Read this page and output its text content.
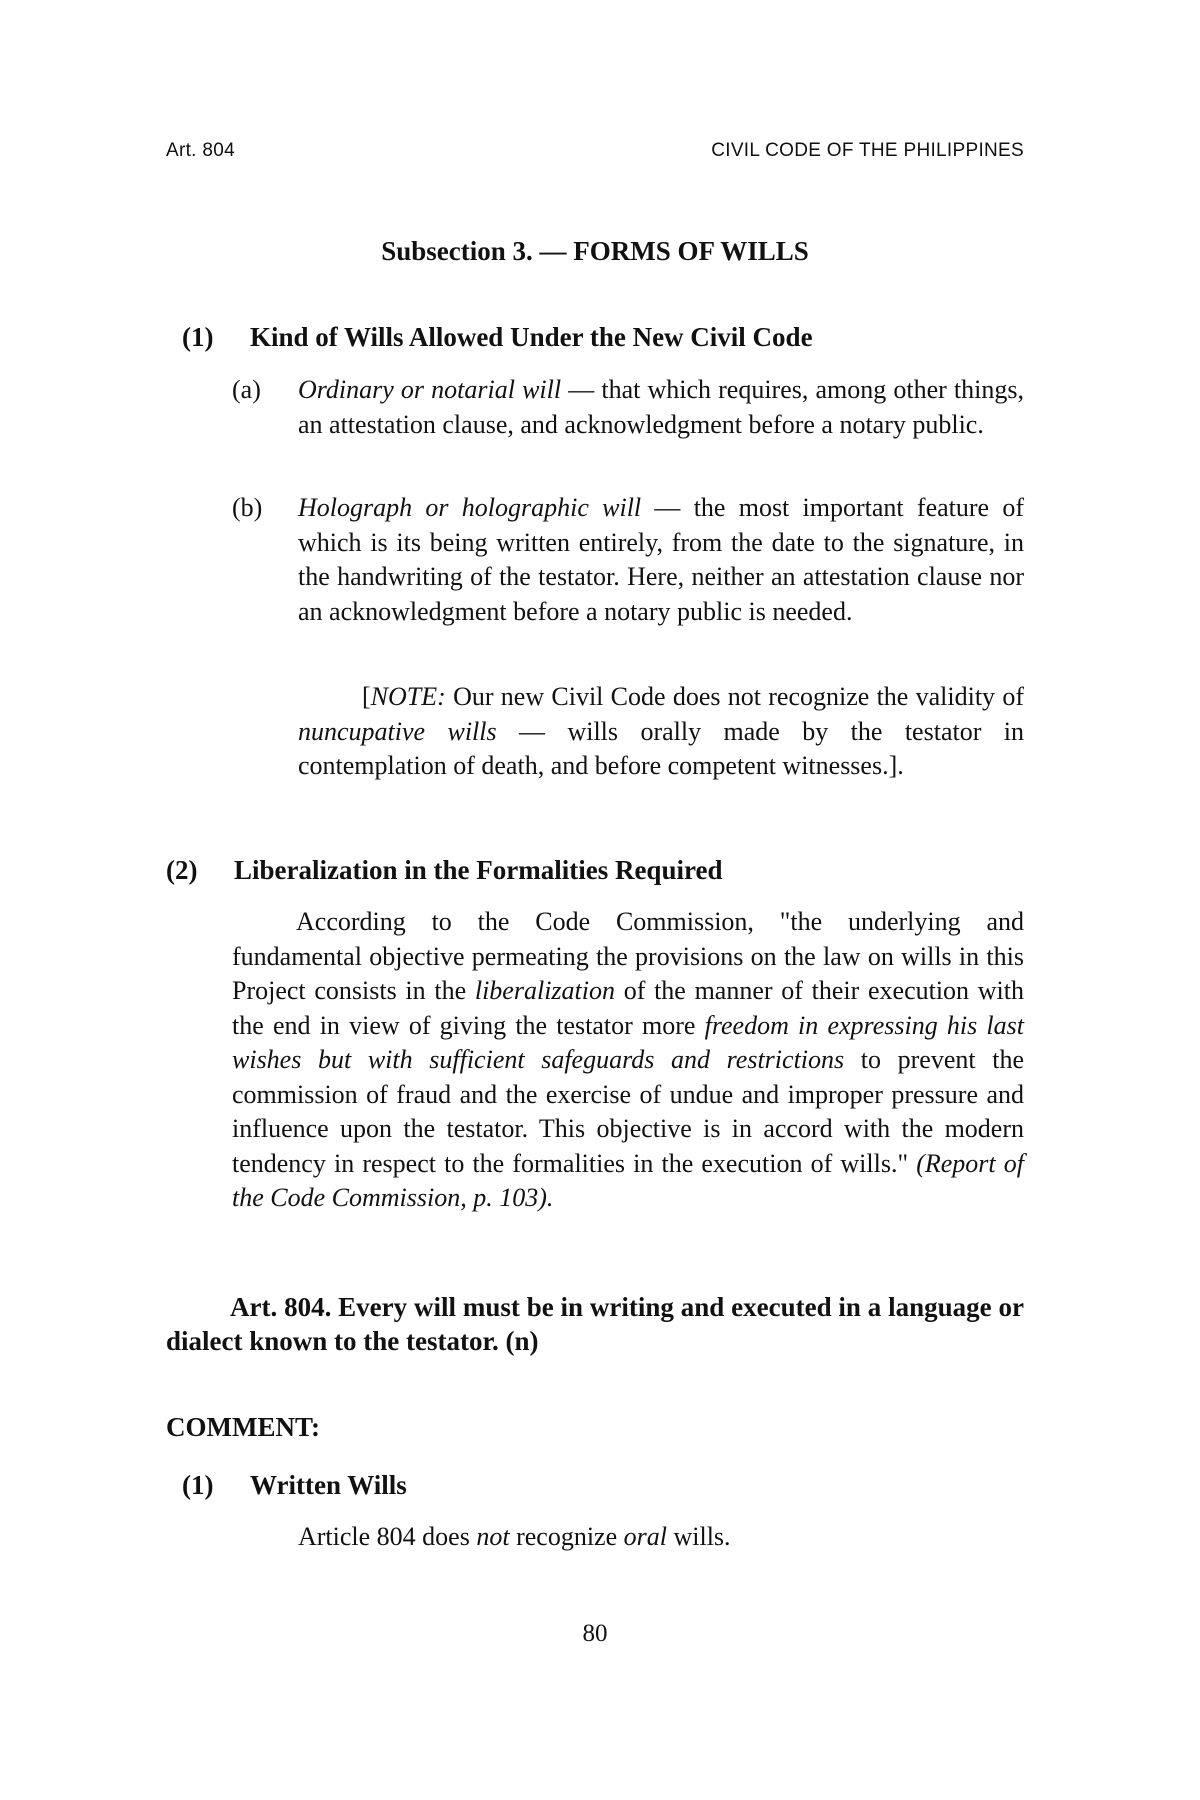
Art. 804	CIVIL CODE OF THE PHILIPPINES
Subsection 3. — FORMS OF WILLS
(1) Kind of Wills Allowed Under the New Civil Code
(a) Ordinary or notarial will — that which requires, among other things, an attestation clause, and acknowledgment before a notary public.
(b) Holograph or holographic will — the most important feature of which is its being written entirely, from the date to the signature, in the handwriting of the testator. Here, neither an attestation clause nor an acknowledgment before a notary public is needed.
[NOTE: Our new Civil Code does not recognize the validity of nuncupative wills — wills orally made by the testator in contemplation of death, and before competent witnesses.].
(2) Liberalization in the Formalities Required
According to the Code Commission, "the underlying and fundamental objective permeating the provisions on the law on wills in this Project consists in the liberalization of the manner of their execution with the end in view of giving the testator more freedom in expressing his last wishes but with sufficient safeguards and restrictions to prevent the commission of fraud and the exercise of undue and improper pressure and influence upon the testator. This objective is in accord with the modern tendency in respect to the formalities in the execution of wills." (Report of the Code Commission, p. 103).
Art. 804. Every will must be in writing and executed in a language or dialect known to the testator. (n)
COMMENT:
(1) Written Wills
Article 804 does not recognize oral wills.
80
